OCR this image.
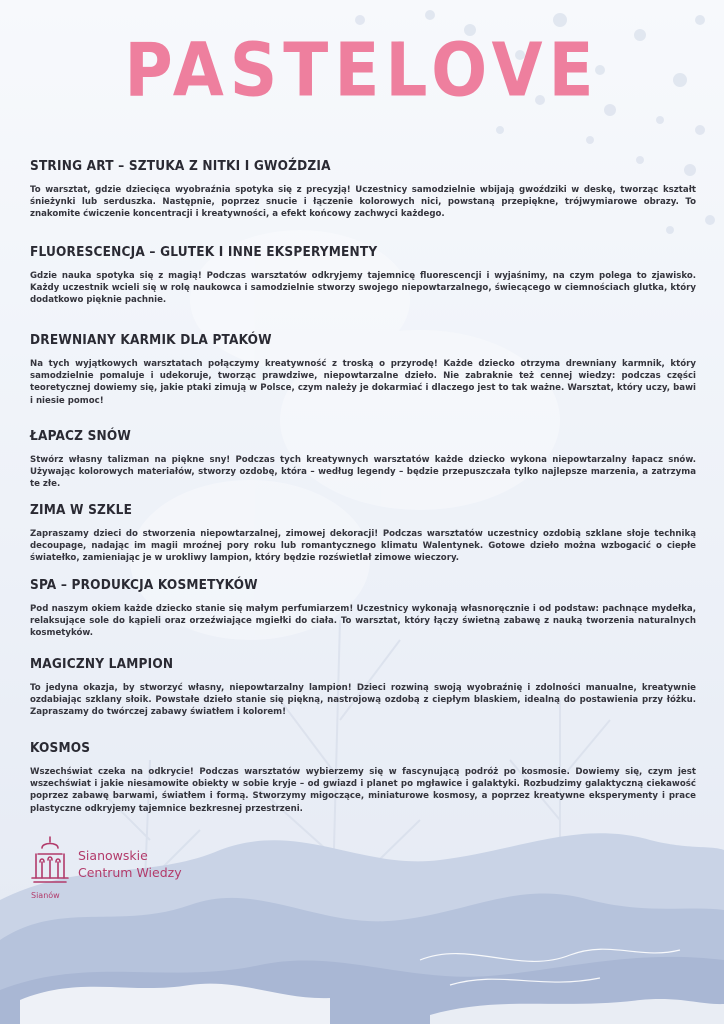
PASTELOVE
STRING ART – SZTUKA Z NITKI I GWOŹDZIA

To warsztat, gdzie dziecięca wyobraźnia spotyka się z precyzją! Uczestnicy samodzielnie wbijają gwoździki w deskę, tworząc kształt śnieżynki lub serduszka. Następnie, poprzez snucie i łączenie kolorowych nici, powstaną przepiękne, trójwymiarowe obrazy. To znakomite ćwiczenie koncentracji i kreatywności, a efekt końcowy zachwyci każdego.

FLUORESCENCJA – GLUTEK I INNE EKSPERYMENTY

Gdzie nauka spotyka się z magią! Podczas warsztatów odkryjemy tajemnicę fluorescencji i wyjaśnimy, na czym polega to zjawisko. Każdy uczestnik wcieli się w rolę naukowca i samodzielnie stworzy swojego niepowtarzalnego, świecącego w ciemnościach glutka, który dodatkowo pięknie pachnie.

DREWNIANY KARMIK DLA PTAKÓW

Na tych wyjątkowych warsztatach połączymy kreatywność z troską o przyrodę! Każde dziecko otrzyma drewniany karmnik, który samodzielnie pomaluje i udekoruje, tworząc prawdziwe, niepowtarzalne dzieło. Nie zabraknie też cennej wiedzy: podczas części teoretycznej dowiemy się, jakie ptaki zimują w Polsce, czym należy je dokarmiać i dlaczego jest to tak ważne. Warsztat, który uczy, bawi i niesie pomoc!

ŁAPACZ SNÓW

Stwórz własny talizman na piękne sny! Podczas tych kreatywnych warsztatów każde dziecko wykona niepowtarzalny łapacz snów. Używając kolorowych materiałów, stworzy ozdobę, która – według legendy – będzie przepuszczała tylko najlepsze marzenia, a zatrzyma te złe.

ZIMA W SZKLE

Zapraszamy dzieci do stworzenia niepowtarzalnej, zimowej dekoracji! Podczas warsztatów uczestnicy ozdobią szklane słoje techniką decoupage, nadając im magii mroźnej pory roku lub romantycznego klimatu Walentynek. Gotowe dzieło można wzbogacić o ciepłe światełko, zamieniając je w urokliwy lampion, który będzie rozświetlał zimowe wieczory.

SPA – PRODUKCJA KOSMETYKÓW

Pod naszym okiem każde dziecko stanie się małym perfumiarzem! Uczestnicy wykonają własnoręcznie i od podstaw: pachnące mydełka, relaksujące sole do kąpieli oraz orzeźwiające mgiełki do ciała. To warsztat, który łączy świetną zabawę z nauką tworzenia naturalnych kosmetyków.

MAGICZNY LAMPION

To jedyna okazja, by stworzyć własny, niepowtarzalny lampion! Dzieci rozwiną swoją wyobraźnię i zdolności manualne, kreatywnie ozdabiając szklany słoik. Powstałe dzieło stanie się piękną, nastrojową ozdobą z ciepłym blaskiem, idealną do postawienia przy łóżku. Zapraszamy do twórczej zabawy światłem i kolorem!

KOSMOS

Wszechświat czeka na odkrycie! Podczas warsztatów wybierzemy się w fascynującą podróż po kosmosie. Dowiemy się, czym jest wszechświat i jakie niesamowite obiekty w sobie kryje – od gwiazd i planet po mgławice i galaktyki. Rozbudzimy galaktyczną ciekawość poprzez zabawę barwami, światłem i formą. Stworzymy migoczące, miniaturowe kosmosy, a poprzez kreatywne eksperymenty i prace plastyczne odkryjemy tajemnice bezkresnej przestrzeni.

Sianowskie
Centrum Wiedzy
Sianów
